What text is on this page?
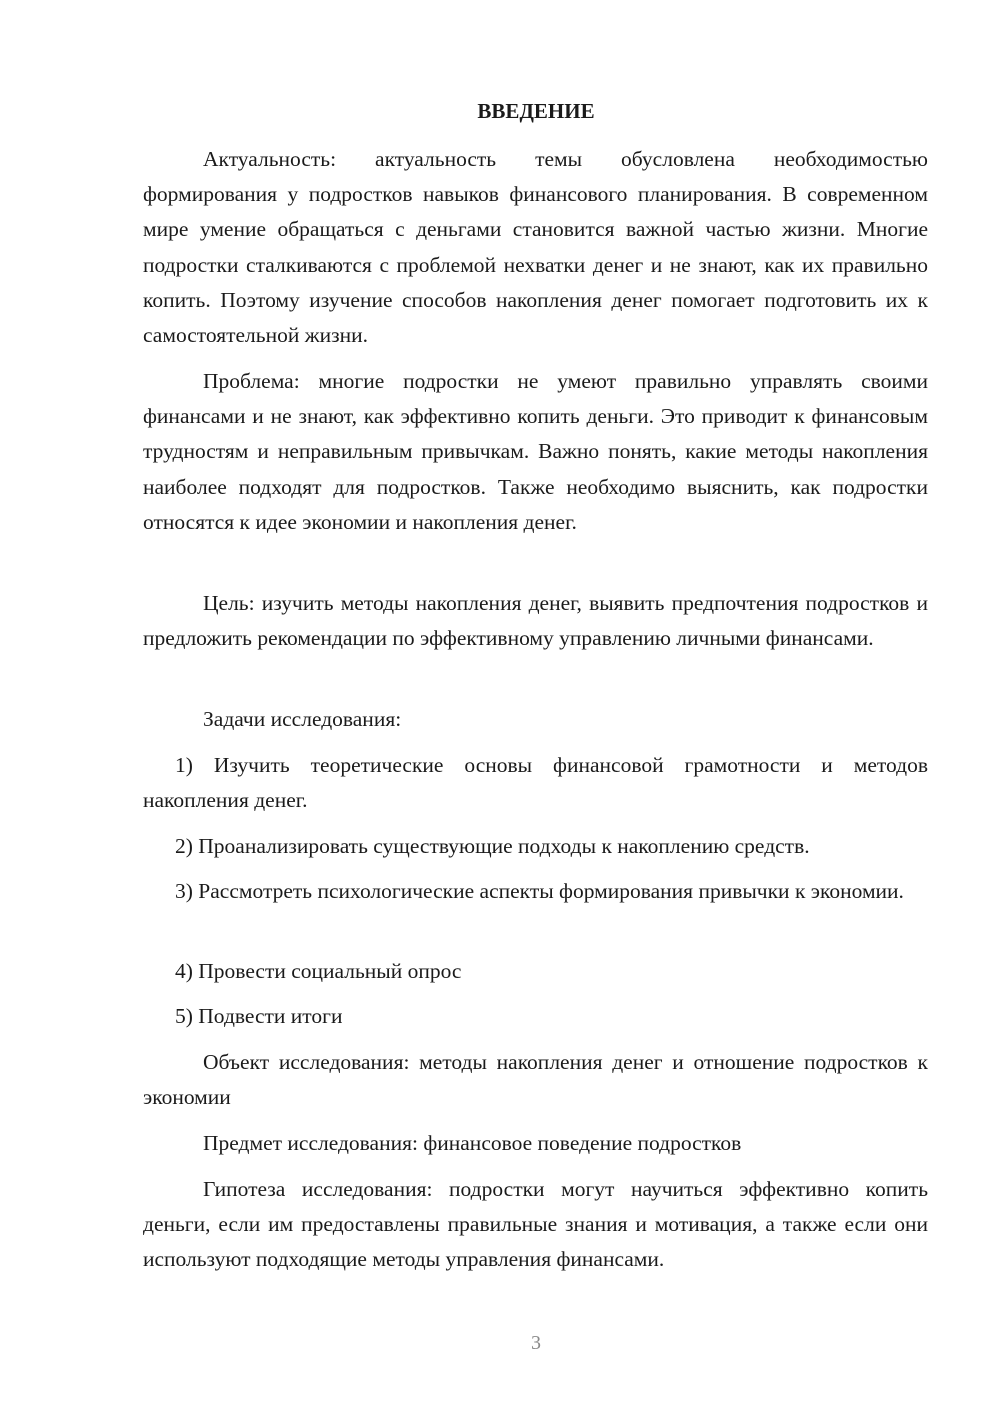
ВВЕДЕНИЕ

Актуальность: актуальность темы обусловлена необходимостью формирования у подростков навыков финансового планирования. В современном мире умение обращаться с деньгами становится важной частью жизни. Многие подростки сталкиваются с проблемой нехватки денег и не знают, как их правильно копить. Поэтому изучение способов накопления денег помогает подготовить их к самостоятельной жизни.

Проблема: многие подростки не умеют правильно управлять своими финансами и не знают, как эффективно копить деньги. Это приводит к финансовым трудностям и неправильным привычкам. Важно понять, какие методы накопления наиболее подходят для подростков. Также необходимо выяснить, как подростки относятся к идее экономии и накопления денег.

Цель: изучить методы накопления денег, выявить предпочтения подростков и предложить рекомендации по эффективному управлению личными финансами.

Задачи исследования:

1) Изучить теоретические основы финансовой грамотности и методов накопления денег.

2) Проанализировать существующие подходы к накоплению средств.

3) Рассмотреть психологические аспекты формирования привычки к экономии.

4) Провести социальный опрос

5) Подвести итоги

Объект исследования: методы накопления денег и отношение подростков к экономии

Предмет исследования: финансовое поведение подростков

Гипотеза исследования: подростки могут научиться эффективно копить деньги, если им предоставлены правильные знания и мотивация, а также если они используют подходящие методы управления финансами.

3
